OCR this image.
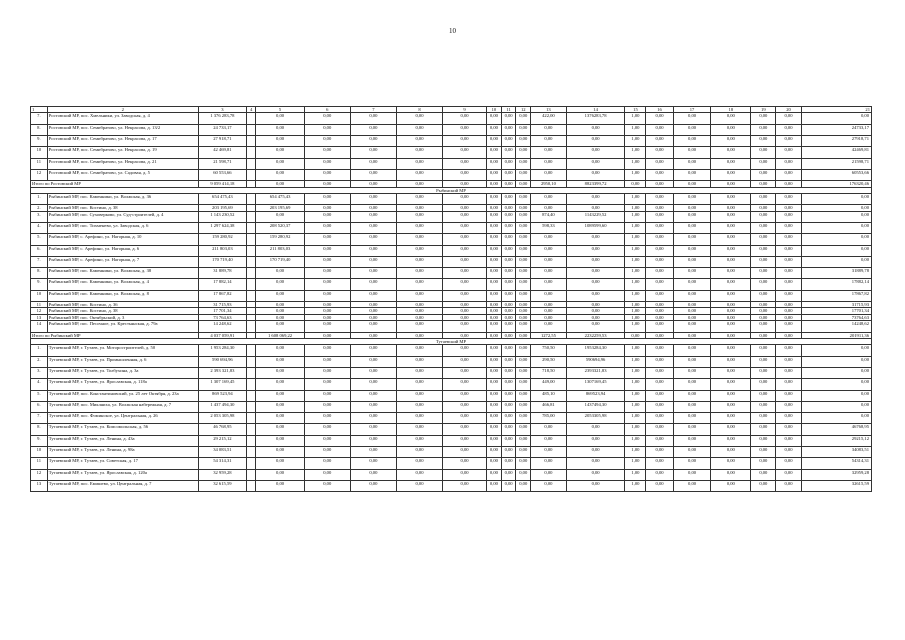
10
1	2	3	4	5	6	7	8	9	10	11	12	13	14	15	16	17	18	19	20	21
7.	Ростовский МР, пос. Хмельники, ул. Заводская, д. 4	1 376 283,78		0,00	0,00	0,00	0,00	0,00	0,00	0,00	0,00	422,00	1376283,78	1,00	0,00	0,00	0,00	0,00	0,00	0,00
8.	Ростовский МР, пос. Семибратово, ул. Некрасова, д. 13/2	24 733,17		0,00	0,00	0,00	0,00	0,00	0,00	0,00	0,00	0,00	0,00	1,00	0,00	0,00	0,00	0,00	0,00	24733,17
9.	Ростовский МР, пос. Семибратово, ул. Некрасова, д. 17	27 918,71		0,00	0,00	0,00	0,00	0,00	0,00	0,00	0,00	0,00	0,00	1,00	0,00	0,00	0,00	0,00	0,00	27918,71
10	Ростовский МР, пос. Семибратово, ул. Некрасова, д. 19	42 469,81		0,00	0,00	0,00	0,00	0,00	0,00	0,00	0,00	0,00	0,00	1,00	0,00	0,00	0,00	0,00	0,00	42469,81
11	Ростовский МР, пос. Семибратово, ул. Некрасова, д. 21	21 598,71		0,00	0,00	0,00	0,00	0,00	0,00	0,00	0,00	0,00	0,00	1,00	0,00	0,00	0,00	0,00	0,00	21598,71
12	Ростовский МР, пос. Семибратово, ул. Садовая, д. 5	60 553,66		0,00	0,00	0,00	0,00	0,00	0,00	0,00	0,00	0,00	0,00	1,00	0,00	0,00	0,00	0,00	0,00	60553,66
Итого по Ростовский МР		9 059 414,18		0,00	0,00	0,00	0,00	0,00	0,00	0,00	0,00	2950,10	8823399,72	0,00	0,00	0,00	0,00	0,00	0,00	176320,46
Рыбинский МР																				
1.	Рыбинский МР, пос. Каменники, ул. Волжская, д. 36	654 475,43		654 475,43	0,00	0,00	0,00	0,00	0,00	0,00	0,00	0,00	0,00	1,00	0,00	0,00	0,00	0,00	0,00	0,00
2.	Рыбинский МР, пос. Костино, д. 38	203 195,69		203 195,69	0,00	0,00	0,00	0,00	0,00	0,00	0,00	0,00	0,00	1,00	0,00	0,00	0,00	0,00	0,00	0,00
3.	Рыбинский МР, пос. Суховерково, ул. Суд-строителей, д. 4	1 143 230,52		0,00	0,00	0,00	0,00	0,00	0,00	0,00	0,00	874,40	1143229,52	1,00	0,00	0,00	0,00	0,00	0,00	0,00
4.	Рыбинский МР, пос. Тихменево, ул. Заводская, д. 6	1 297 624,38		208 520,37	0,00	0,00	0,00	0,00	0,00	0,00	0,00	598,33	1089599,60	1,00	0,00	0,00	0,00	0,00	0,00	0,00
5.	Рыбинский МР, с. Арефино, ул. Нагорная, д. 10	159 280,92		159 280,92	0,00	0,00	0,00	0,00	0,00	0,00	0,00	0,00	0,00	1,00	0,00	0,00	0,00	0,00	0,00	0,00
6.	Рыбинский МР, с. Арефино, ул. Нагорная, д. 6	211 803,03		211 803,03	0,00	0,00	0,00	0,00	0,00	0,00	0,00	0,00	0,00	1,00	0,00	0,00	0,00	0,00	0,00	0,00
7.	Рыбинский МР, с. Арефино, ул. Нагорная, д. 7	170 719,40		170 719,40	0,00	0,00	0,00	0,00	0,00	0,00	0,00	0,00	0,00	1,00	0,00	0,00	0,00	0,00	0,00	0,00
8.	Рыбинский МР, пос. Каменники, ул. Волжская, д. 38	31 889,78		0,00	0,00	0,00	0,00	0,00	0,00	0,00	0,00	0,00	0,00	1,00	0,00	0,00	0,00	0,00	0,00	31889,78
9.	Рыбинский МР, пос. Каменники, ул. Волжская, д. 4	17 882,14		0,00	0,00	0,00	0,00	0,00	0,00	0,00	0,00	0,00	0,00	1,00	0,00	0,00	0,00	0,00	0,00	17882,14
10	Рыбинский МР, пос. Каменники, ул. Волжская, д. 8	17 867,82		0,00	0,00	0,00	0,00	0,00	0,00	0,00	0,00	0,00	0,00	1,00	0,00	0,00	0,00	0,00	0,00	17867,82
11	Рыбинский МР, пос. Костино, д. 36	31 715,93		0,00	0,00	0,00	0,00	0,00	0,00	0,00	0,00	0,00	0,00	1,00	0,00	0,00	0,00	0,00	0,00	31715,93
12	Рыбинский МР, пос. Костино, д. 38	17 701,34		0,00	0,00	0,00	0,00	0,00	0,00	0,00	0,00	0,00	0,00	1,00	0,00	0,00	0,00	0,00	0,00	17701,34
13	Рыбинский МР, пос. Октябрьский, д. 3	73 764,63		0,00	0,00	0,00	0,00	0,00	0,00	0,00	0,00	0,00	0,00	1,00	0,00	0,00	0,00	0,00	0,00	73764,63
14	Рыбинский МР, пос. Песочное, ул. Крестьянская, д. 79а	14 248,62		0,00	0,00	0,00	0,00	0,00	0,00	0,00	0,00	0,00	0,00	1,00	0,00	0,00	0,00	0,00	0,00	14248,62
Итого по Рыбинский МР		4 037 059,91		1 608 069,22	0,00	0,00	0,00	0,00	0,00	0,00	0,00	1272,55	2232259,53	0,00	0,00	0,00	0,00	0,00	0,00	201911,36
Тутаевский МР																				
1.	Тутаевский МР, г. Тутаев, ул. Моторостроителей, д. 50	1 953 284,30		0,00	0,00	0,00	0,00	0,00	0,00	0,00	0,00	750,50	1953284,30	1,00	0,00	0,00	0,00	0,00	0,00	0,00
2.	Тутаевский МР, г. Тутаев, ул. Промышленная, д. 6	590 694,96		0,00	0,00	0,00	0,00	0,00	0,00	0,00	0,00	290,50	590694,96	1,00	0,00	0,00	0,00	0,00	0,00	0,00
3.	Тутаевский МР, г. Тутаев, ул. Толбухина, д. 3а	2 393 321,83		0,00	0,00	0,00	0,00	0,00	0,00	0,00	0,00	718,50	2393321,83	1,00	0,00	0,00	0,00	0,00	0,00	0,00
4.	Тутаевский МР, г. Тутаев, ул. Ярославская, д. 118а	1 307 169,45		0,00	0,00	0,00	0,00	0,00	0,00	0,00	0,00	449,00	1307169,45	1,00	0,00	0,00	0,00	0,00	0,00	0,00
5.	Тутаевский МР, пос. Константиновский, ул. 25 лет Октября, д. 23а	869 523,94		0,00	0,00	0,00	0,00	0,00	0,00	0,00	0,00	485,10	869523,94	1,00	0,00	0,00	0,00	0,00	0,00	0,00
6.	Тутаевский МР, пос. Микляиха, ул. Волжская набережная, д. 7	1 437 494,30		0,00	0,00	0,00	0,00	0,00	0,00	0,00	0,00	466,81	1437494,30	1,00	0,00	0,00	0,00	0,00	0,00	0,00
7.	Тутаевский МР, пос. Фоминское, ул. Центральная, д. 26	2 053 305,98		0,00	0,00	0,00	0,00	0,00	0,00	0,00	0,00	785,00	2053305,98	1,00	0,00	0,00	0,00	0,00	0,00	0,00
8.	Тутаевский МР, г. Тутаев, ул. Комсомольская, д. 56	46 768,95		0,00	0,00	0,00	0,00	0,00	0,00	0,00	0,00	0,00	0,00	1,00	0,00	0,00	0,00	0,00	0,00	46768,95
9.	Тутаевский МР, г. Тутаев, ул. Ленина, д. 43а	29 215,12		0,00	0,00	0,00	0,00	0,00	0,00	0,00	0,00	0,00	0,00	1,00	0,00	0,00	0,00	0,00	0,00	29215,12
10	Тутаевский МР, г. Тутаев, ул. Ленина, д. 98а	34 083,51		0,00	0,00	0,00	0,00	0,00	0,00	0,00	0,00	0,00	0,00	1,00	0,00	0,00	0,00	0,00	0,00	34083,51
11	Тутаевский МР, г. Тутаев, ул. Советская, д. 17	54 314,31		0,00	0,00	0,00	0,00	0,00	0,00	0,00	0,00	0,00	0,00	1,00	0,00	0,00	0,00	0,00	0,00	54314,31
12	Тутаевский МР, г. Тутаев, ул. Ярославская, д. 120а	32 959,28		0,00	0,00	0,00	0,00	0,00	0,00	0,00	0,00	0,00	0,00	1,00	0,00	0,00	0,00	0,00	0,00	32959,28
13	Тутаевский МР, пос. Емишево, ул. Центральная, д. 7	32 615,59		0,00	0,00	0,00	0,00	0,00	0,00	0,00	0,00	0,00	0,00	1,00	0,00	0,00	0,00	0,00	0,00	32615,59
